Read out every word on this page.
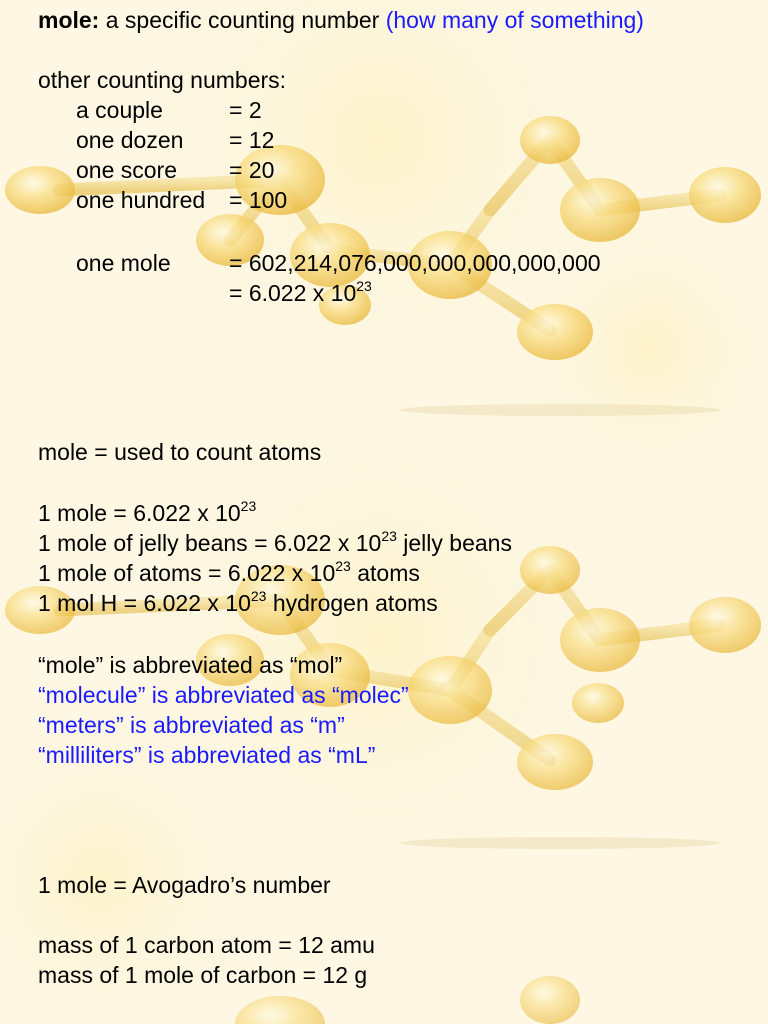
mole: a specific counting number (how many of something)
other counting numbers:
a couple	= 2
one dozen = 12
one score = 20
one hundred = 100
one mole	= 602,214,076,000,000,000,000,000
= 6.022 x $10^{23}$
mole = used to count atoms
1 mole = 6.022 x $10^{23}$
1 mole of jelly beans = 6.022 x $10^{23}$ jelly beans
1 mole of atoms = 6.022 x $10^{23}$ atoms
1 mol H = 6.022 x $10^{23}$ hydrogen atoms
“mole” is abbreviated as “mol”
“molecule” is abbreviated as “molec”
“meters” is abbreviated as “m”
“milliliters” is abbreviated as “mL”
1 mole = Avogadro’s number
mass of 1 carbon atom = 12 amu
mass of 1 mole of carbon = 12 g
